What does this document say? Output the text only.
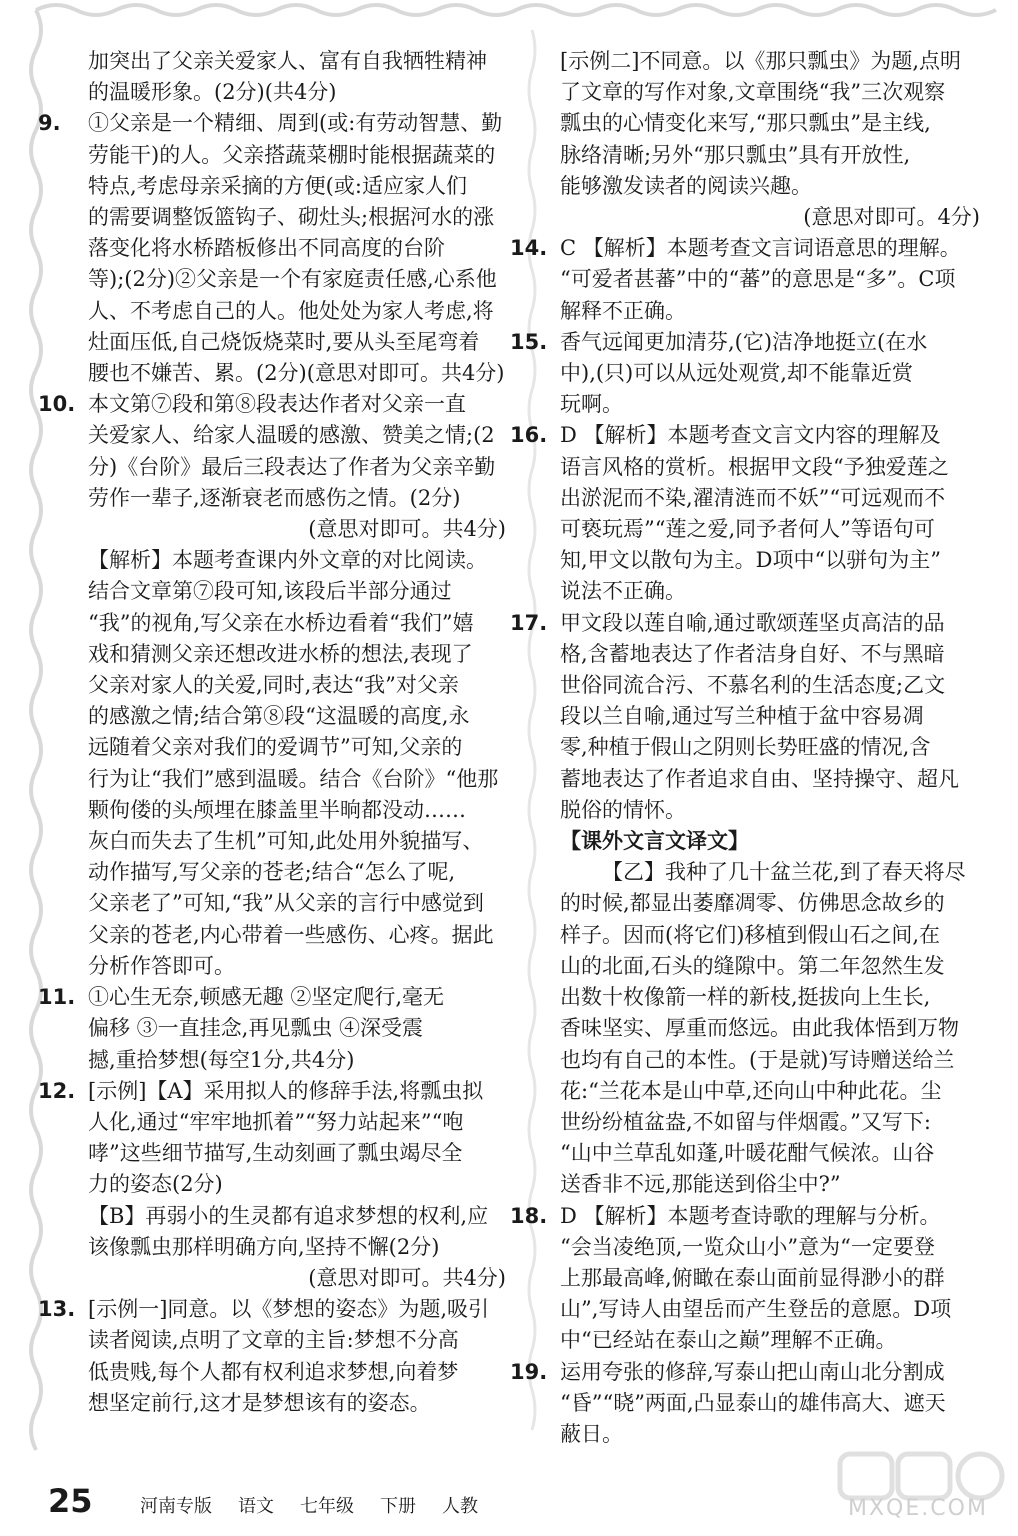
加突出了父亲关爱家人、富有自我牺牲精神

的温暖形象。(2分)(共4分)

9. ①父亲是一个精细、周到(或:有劳动智慧、勤

劳能干)的人。父亲搭蔬菜棚时能根据蔬菜的

特点,考虑母亲采摘的方便(或:适应家人们

的需要调整饭篮钩子、砌灶头;根据河水的涨

落变化将水桥踏板修出不同高度的台阶

等);(2分)②父亲是一个有家庭责任感,心系他

人、不考虑自己的人。他处处为家人考虑,将

灶面压低,自己烧饭烧菜时,要从头至尾弯着

腰也不嫌苦、累。(2分)(意思对即可。共4分)

10. 本文第⑦段和第⑧段表达作者对父亲一直

关爱家人、给家人温暖的感激、赞美之情;(2

分)《台阶》最后三段表达了作者为父亲辛勤

劳作一辈子,逐渐衰老而感伤之情。(2分)

(意思对即可。共4分)

【解析】本题考查课内外文章的对比阅读。

结合文章第⑦段可知,该段后半部分通过

“我”的视角,写父亲在水桥边看着“我们”嬉

戏和猜测父亲还想改进水桥的想法,表现了

父亲对家人的关爱,同时,表达“我”对父亲

的感激之情;结合第⑧段“这温暖的高度,永

远随着父亲对我们的爱调节”可知,父亲的

行为让“我们”感到温暖。结合《台阶》“他那

颗佝偻的头颅埋在膝盖里半晌都没动……

灰白而失去了生机”可知,此处用外貌描写、

动作描写,写父亲的苍老;结合“怎么了呢,

父亲老了”可知,“我”从父亲的言行中感觉到

父亲的苍老,内心带着一些感伤、心疼。据此

分析作答即可。

11. ①心生无奈,顿感无趣 ②坚定爬行,毫无

偏移 ③一直挂念,再见瓢虫 ④深受震

撼,重拾梦想(每空1分,共4分)

12. [示例]【A】采用拟人的修辞手法,将瓢虫拟

人化,通过“牢牢地抓着”“努力站起来”“咆

哮”这些细节描写,生动刻画了瓢虫竭尽全

力的姿态(2分)

【B】再弱小的生灵都有追求梦想的权利,应

该像瓢虫那样明确方向,坚持不懈(2分)

(意思对即可。共4分)

13. [示例一]同意。以《梦想的姿态》为题,吸引

读者阅读,点明了文章的主旨:梦想不分高

低贵贱,每个人都有权利追求梦想,向着梦

想坚定前行,这才是梦想该有的姿态。

[示例二]不同意。以《那只瓢虫》为题,点明

了文章的写作对象,文章围绕“我”三次观察

瓢虫的心情变化来写,“那只瓢虫”是主线,

脉络清晰;另外“那只瓢虫”具有开放性,

能够激发读者的阅读兴趣。

(意思对即可。4分)

14. C 【解析】本题考查文言词语意思的理解。

“可爱者甚蕃”中的“蕃”的意思是“多”。C项

解释不正确。

15. 香气远闻更加清芬,(它)洁净地挺立(在水

中),(只)可以从远处观赏,却不能靠近赏

玩啊。

16. D 【解析】本题考查文言文内容的理解及

语言风格的赏析。根据甲文段“予独爱莲之

出淤泥而不染,濯清涟而不妖”“可远观而不

可亵玩焉”“莲之爱,同予者何人”等语句可

知,甲文以散句为主。D项中“以骈句为主”

说法不正确。

17. 甲文段以莲自喻,通过歌颂莲坚贞高洁的品

格,含蓄地表达了作者洁身自好、不与黑暗

世俗同流合污、不慕名利的生活态度;乙文

段以兰自喻,通过写兰种植于盆中容易凋

零,种植于假山之阴则长势旺盛的情况,含

蓄地表达了作者追求自由、坚持操守、超凡

脱俗的情怀。

【课外文言文译文】

【乙】我种了几十盆兰花,到了春天将尽

的时候,都显出萎靡凋零、仿佛思念故乡的

样子。因而(将它们)移植到假山石之间,在

山的北面,石头的缝隙中。第二年忽然生发

出数十枚像箭一样的新枝,挺拔向上生长,

香味坚实、厚重而悠远。由此我体悟到万物

也均有自己的本性。(于是就)写诗赠送给兰

花:“兰花本是山中草,还向山中种此花。尘

世纷纷植盆盎,不如留与伴烟霞。”又写下:

“山中兰草乱如蓬,叶暖花酣气候浓。山谷

送香非不远,那能送到俗尘中?”

18. D 【解析】本题考查诗歌的理解与分析。

“会当凌绝顶,一览众山小”意为“一定要登

上那最高峰,俯瞰在泰山面前显得渺小的群

山”,写诗人由望岳而产生登岳的意愿。D项

中“已经站在泰山之巅”理解不正确。

19. 运用夸张的修辞,写泰山把山南山北分割成

“昏”“晓”两面,凸显泰山的雄伟高大、遮天

蔽日。

25	河南专版 语文 七年级 下册 人教	MXQE.COM
